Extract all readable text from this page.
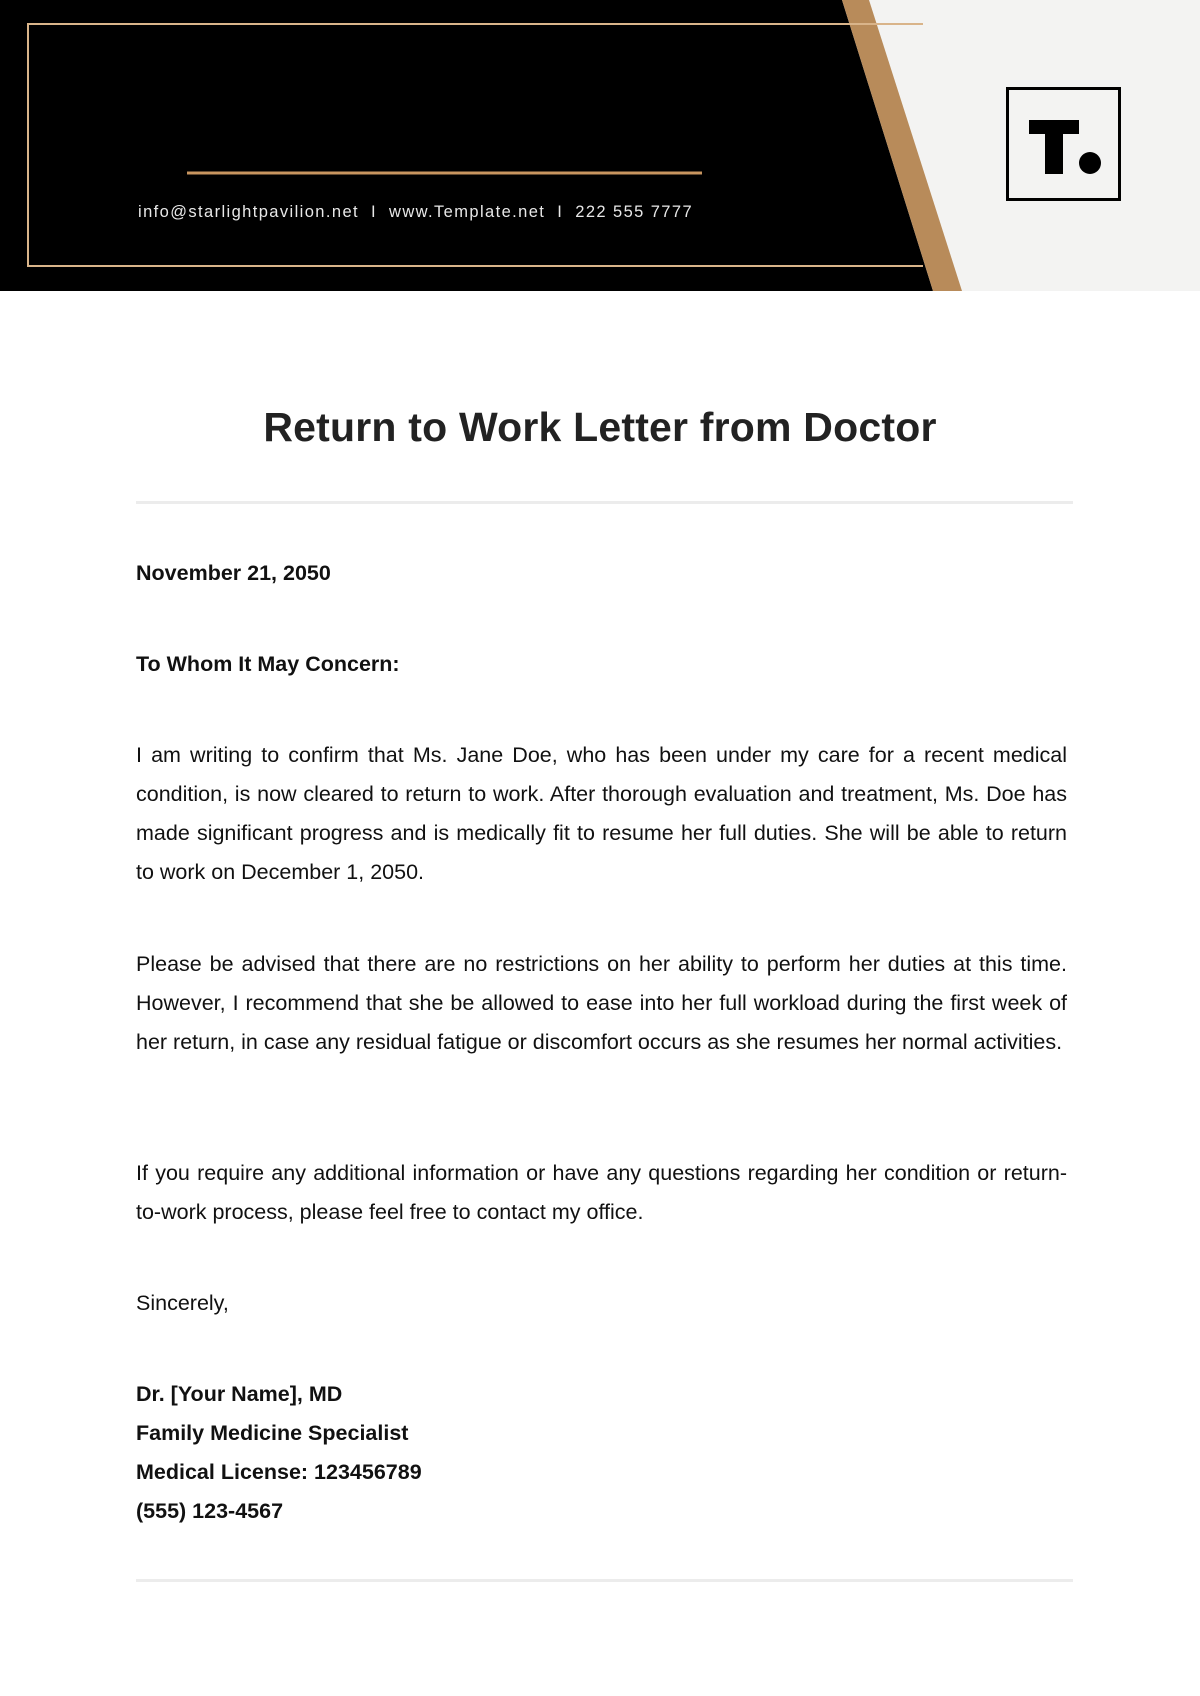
info@starlightpavilion.net I www.Template.net I 222 555 7777
Return to Work Letter from Doctor
November 21, 2050
To Whom It May Concern:
I am writing to confirm that Ms. Jane Doe, who has been under my care for a recent medical condition, is now cleared to return to work. After thorough evaluation and treatment, Ms. Doe has made significant progress and is medically fit to resume her full duties. She will be able to return to work on December 1, 2050.
Please be advised that there are no restrictions on her ability to perform her duties at this time. However, I recommend that she be allowed to ease into her full workload during the first week of her return, in case any residual fatigue or discomfort occurs as she resumes her normal activities.
If you require any additional information or have any questions regarding her condition or return-to-work process, please feel free to contact my office.
Sincerely,
Dr. [Your Name], MD
Family Medicine Specialist
Medical License: 123456789
(555) 123-4567
